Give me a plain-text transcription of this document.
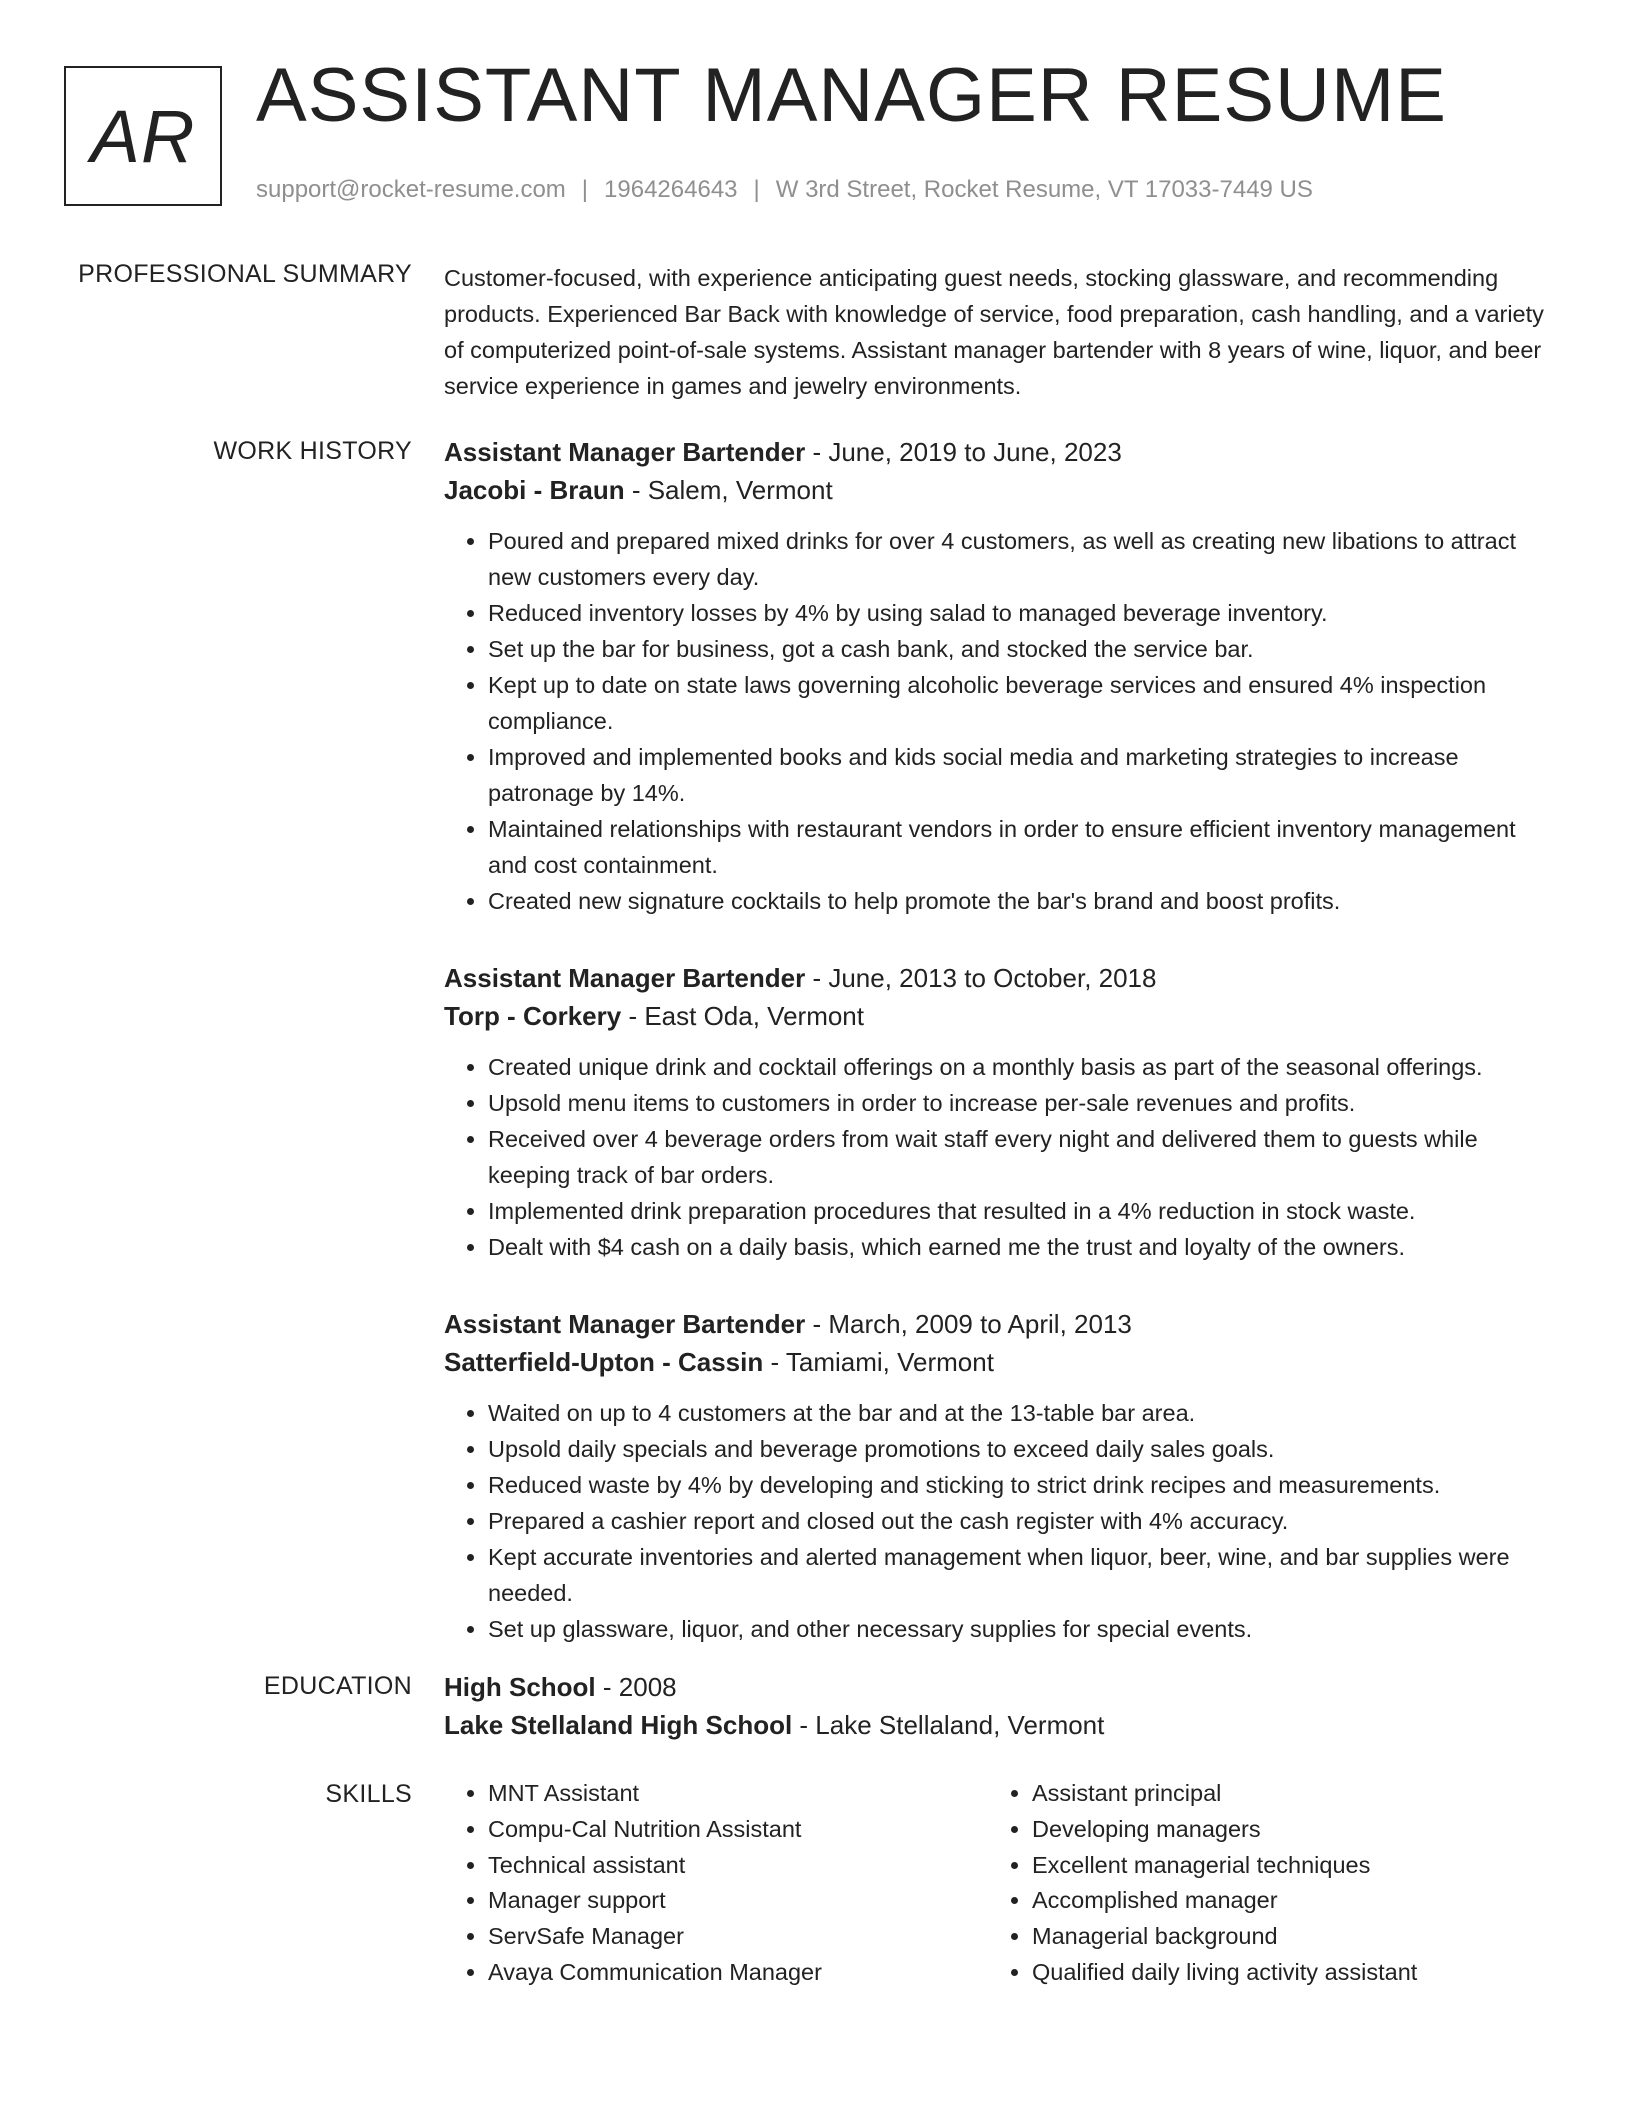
AR ASSISTANT MANAGER RESUME
support@rocket-resume.com | 1964264643 | W 3rd Street, Rocket Resume, VT 17033-7449 US
PROFESSIONAL SUMMARY Customer-focused, with experience anticipating guest needs, stocking glassware, and recommending products. Experienced Bar Back with knowledge of service, food preparation, cash handling, and a variety of computerized point-of-sale systems. Assistant manager bartender with 8 years of wine, liquor, and beer service experience in games and jewelry environments.

WORK HISTORY Assistant Manager Bartender - June, 2019 to June, 2023
Jacobi - Braun - Salem, Vermont
• Poured and prepared mixed drinks for over 4 customers, as well as creating new libations to attract new customers every day.
• Reduced inventory losses by 4% by using salad to managed beverage inventory.
• Set up the bar for business, got a cash bank, and stocked the service bar.
• Kept up to date on state laws governing alcoholic beverage services and ensured 4% inspection compliance.
• Improved and implemented books and kids social media and marketing strategies to increase patronage by 14%.
• Maintained relationships with restaurant vendors in order to ensure efficient inventory management and cost containment.
• Created new signature cocktails to help promote the bar's brand and boost profits.
Assistant Manager Bartender - June, 2013 to October, 2018
Torp - Corkery - East Oda, Vermont
• Created unique drink and cocktail offerings on a monthly basis as part of the seasonal offerings.
• Upsold menu items to customers in order to increase per-sale revenues and profits.
• Received over 4 beverage orders from wait staff every night and delivered them to guests while keeping track of bar orders.
• Implemented drink preparation procedures that resulted in a 4% reduction in stock waste.
• Dealt with $4 cash on a daily basis, which earned me the trust and loyalty of the owners.
Assistant Manager Bartender - March, 2009 to April, 2013
Satterfield-Upton - Cassin - Tamiami, Vermont
• Waited on up to 4 customers at the bar and at the 13-table bar area.
• Upsold daily specials and beverage promotions to exceed daily sales goals.
• Reduced waste by 4% by developing and sticking to strict drink recipes and measurements.
• Prepared a cashier report and closed out the cash register with 4% accuracy.
• Kept accurate inventories and alerted management when liquor, beer, wine, and bar supplies were needed.
• Set up glassware, liquor, and other necessary supplies for special events.
EDUCATION High School - 2008
Lake Stellaland High School - Lake Stellaland, Vermont
SKILLS
•	MNT Assistant
• Compu-Cal Nutrition Assistant
• Technical assistant
• Manager support
• ServSafe Manager
• Avaya Communication Manager
• Assistant principal
• Developing managers
• Excellent managerial techniques
• Accomplished manager
• Managerial background
• Qualified daily living activity assistant
